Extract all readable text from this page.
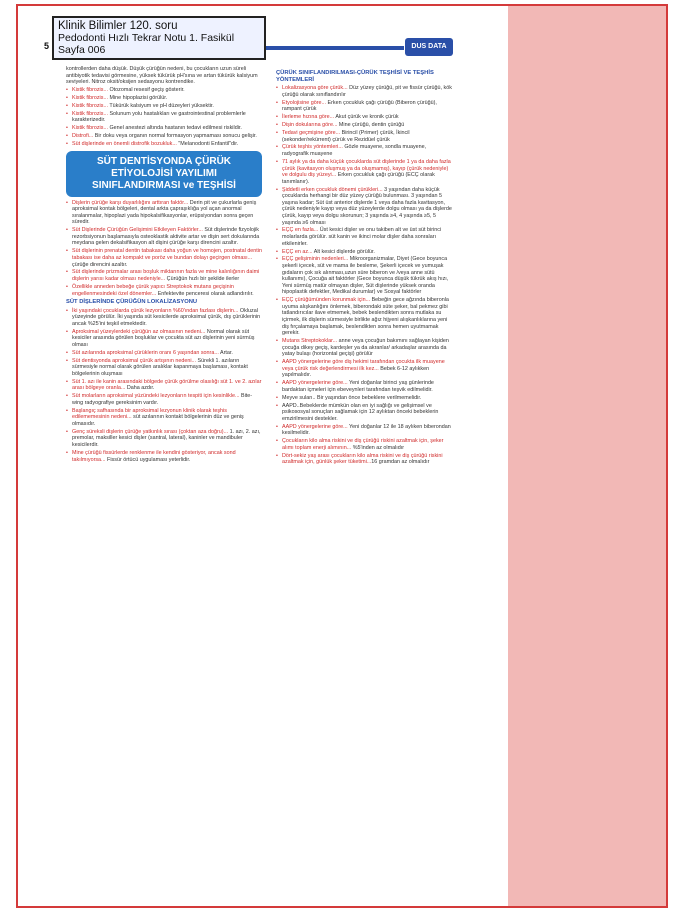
Klinik Bilimler 120. soru
Pedodonti Hızlı Tekrar Notu 1. Fasikül
Sayfa 006
5	DUS DATA

kontrollerden daha düşük. Düşük çürüğün nedeni, bu çocukların uzun süreli antibiyotik tedavisi görmesine, yüksek tükürük pH'sına ve artan tükürük kalsiyum seviyeleri. Nitroz oksit/oksijen sedasyonu kontrendike.

• Kistik fibrozis... Otozomal resesif geçiş gösterir.

• Kistik fibrozis... Mine hipoplazisi görülür.

• Kistik fibrozis... Tükürük kalsiyum ve pH düzeyleri yüksektir.

• Kistik fibrozis... Solunum yolu hastalıkları ve gastrointestinal problemlerle karakterizedir.

• Kistik fibrozis... Genel anestezi altında hastanın tedavi edilmesi riskildir.

• Distrofi... Bir doku veya organın normal formasyon yapmaması sonucu gelişir.

• Süt dişlerinde en önemli distrofik bozukluk... "Melanodonti Enfantil"dir.

SÜT DENTİSYONDA ÇÜRÜK ETİYOLOJİSİ YAYILIMI SINIFLANDIRMASI ve TEŞHİSİ

• Dişlerin çürüğe karşı duyarlılığını arttıran faktör... Derin pit ve çukurlarla geniş aproksimal kontak bölgeleri, dental arkta çapraşıklığa yol açan anormal sıralanmalar, hipoplazi yada hipokalsifikasyonlar, erüpsiyondan sonra geçen süredir.

• Süt Dişlerinde Çürüğün Gelişimini Etkileyen Faktörler... Süt dişlerinde fizyolojik rezorbsiyonun başlamasıyla osteoklastik aktivite artar ve dişin sert dokularında meydana gelen dekalsifikasyon alt dişini çürüğe karşı direncini azaltır.

• Süt dişlerinin prenatal dentin tabakası daha yoğun ve homojen, postnatal dentin tabakası ise daha az kompakt ve poröz ve bundan dolayı geçirgen olması... çürüğe direncini azaltır.

• Süt dişlerinde prizmalar arası boşluk miktarının fazla ve mine kalınlığının daimi dişlerin yarısı kadar olması nedeniyle... Çürüğün hızlı bir şekilde ilerler

• Özellikle anneden bebeğe çürük yapıcı Streptokok mutans geçişinin engellenmesindeki özel dönemler... Enfektevite penceresi olarak adlandırılır.

SÜT DİŞLERİNDE ÇÜRÜĞÜN LOKALİZASYONU

• İki yaşındaki çocuklarda çürük lezyonların %60'ından fazlası dişlerin... Okluzal yüzeyinde görülür. İki yaşında süt kesicilerde aproksimal çürük, dış çürüklerinin ancak %25'ini teşkil etmektedir.

• Aproksimal yüzeylerdeki çürüğün az olmasının nedeni... Normal olarak süt kesiciler arasında görülen boşluklar ve çocukta süt azı dişlerinin yeni sürmüş olması

• Süt azılarında aproksimal çürüklerin oranı 6 yaşından sonra... Artar.

• Süt dentisyonda aproksimal çürük artışının nedeni... Sürekli 1. azıların sürmesiyle normal olarak görülen aralıklar kapanmaya başlaması, kontakt bölgelerinin oluşması

• Süt 1. azı ile kanin arasındaki bölgede çürük görülme olasılığı süt 1. ve 2. azılar arası bölgeye oranla... Daha azdır.

• Süt molarların aproksimal yüzündeki lezyonların tespiti için kesinlikle... Bite-wing radyografiye gereksinim vardır.

• Başlangıç safhasında bir aproksimal lezyonun klinik olarak teşhis edilememesinin nedeni... süt azılarının kontakt bölgelerinin düz ve geniş olmasıdır.

• Genç süreksli dişlerin çürüğe yatkınlık sırası (çoktan aza doğru)... 1. azı, 2. azı, premolar, maksiller kesici dişler (santral, lateral), kaninler ve mandibuler kesicilerdir.

• Mine çürüğü fissürlerde renklenme ile kendini gösteriyor, ancak sond takılmıyorsa... Fissür örtücü uygulaması yeterlidir.

ÇÜRÜK SINIFLANDIRILMASI-ÇÜRÜK TEŞHİSİ VE TEŞHİS YÖNTEMLERİ

• Lokalizasyona göre çürük... Düz yüzey çürüğü, pit ve fissür çürüğü, kök çürüğü olarak sınıflandırılır

• Etyolojisine göre... Erken çocukluk çağı çürüğü (Biberon çürüğü), rampant çürük

• İlerleme hızına göre... Akut çürük ve kronik çürük

• Dişin dokularına göre... Mine çürüğü, dentin çürüğü

• Tedavi geçmişine göre... Birincil (Primer) çürük, İkincil (sekonder/rekürrent) çürük ve Rezidüel çürük

• Çürük teşhis yöntemleri... Gözle muayene, sondla muayene, radyografik muayene

• 71 aylık ya da daha küçük çocuklarda süt dişlerinde 1 ya da daha fazla çürük (kavitasyon oluşmuş ya da oluşmamış), kayıp (çürük nedeniyle) ve dolgulu diş yüzeyi... Erken çocukluk çağı çürüğü (ECÇ olarak tanımlanır).

• Şiddetli erken çocukluk dönemi çürükleri... 3 yaşından daha küçük çocuklarda herhangi bir düz yüzey çürüğü bulunması. 3 yaşından 5 yaşına kadar; Süt üst anterior dişlerde 1 veya daha fazla kavitasyon, çürük nedeniyle kayıp veya düz yüzeylerde dolgu olması ya da dişlerde çürük, kayıp veya dolgu skorunun; 3 yaşında ≥4, 4 yaşında ≥5, 5 yaşında ≥6 olması

• EÇÇ en fazla... Üst kesici dişler ve onu takiben alt ve üst süt birinci molarlarda görülür. süt kanin ve ikinci molar dişler daha sonraları etkilenirler.

• EÇÇ en az... Alt kesici dişlerde görülür.

• EÇÇ gelişiminin nedenleri... Mikroorganizmalar, Diyet (Gece boyunca şekerli içecek, süt ve mama ile besleme, Şekerli içecek ve yumuşak gıdaların çok sık alınması,uzun süre biberon ve /veya anne sütü kullanımı), Çocuğa ait faktörler (Gece boyunca düşük tükrük akış hızı, Yeni sürmüş matür olmayan dişler, Süt dişlerinde yüksek oranda hipoplastik defektler, Medikal durumlar) ve Sosyal faktörler

• EÇÇ çürüğümünden korunmak için... Bebeğin gece ağzında biberonla uyuma alışkanlığını önlemek, biberondaki süte şeker, bal pekmez gibi tatlandırıcılar ilave etmemek, bebek beslendikten sonra mutlaka su içirmek, ilk dişlerin sürmesiyle birlikte ağız hijyeni alışkanlıklarına yeni diş fırçalamaya başlamak, beslendikten sonra hemen uyutmamak gerekir.

• Mutans Streptokoklar... anne veya çocuğun bakımını sağlayan kişiden çocuğa dikey geçiş, kardeşler ya da akranlar/ arkadaşlar arasında da yatay bulaşı (horizontal geçişi) görülür

• AAPD yönergelerine göre diş hekimi tarafından çocukta ilk muayene veya çürük risk değerlendirmesi ilk kez... Bebek 6-12 aylıkken yapılmalıdır.

• AAPD yönergelerine göre... Yeni doğanlar birinci yaş günlerinde bardaktan içmeleri için ebeveynleri tarafından teşvik edilmelidir.

• Meyve suları.. Bir yaşından önce bebeklere verilmemelidir.

• AAPD..Bebeklerde mümkün olan en iyi sağlığı ve gelişimsel ve psikososyal sonuçları sağlamak için 12 aylıktan önceki bebeklerin emzirilmesini destekler.

• AAPD yönergelerine göre... Yeni doğanlar 12 ile 18 aylıken biberondan kesilmelidir.

• Çocukların kilo alma riskini ve diş çürüğü riskini azaltmak için, şeker alımı toplam enerji alımının... %5'inden az olmalıdır

• Dört-sekiz yaş arası çocukların kilo alma riskini ve diş çürüğü riskini azaltmak için, günlük şeker tüketimi...16 gramdan az olmalıdır
